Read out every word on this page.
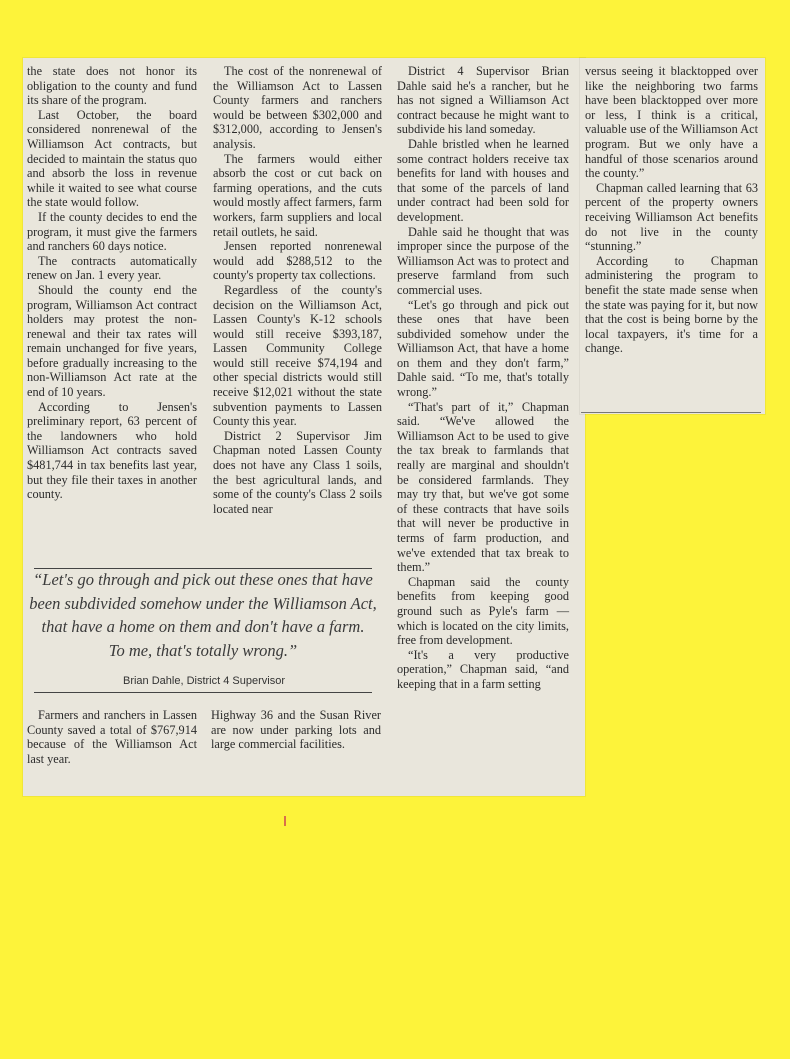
the state does not honor its obligation to the county and fund its share of the program.

Last October, the board considered nonrenewal of the Williamson Act contracts, but decided to maintain the status quo and absorb the loss in revenue while it waited to see what course the state would follow.

If the county decides to end the program, it must give the farmers and ranchers 60 days notice.

The contracts automatically renew on Jan. 1 every year.

Should the county end the program, Williamson Act contract holders may protest the non-renewal and their tax rates will remain unchanged for five years, before gradually increasing to the non-Williamson Act rate at the end of 10 years.

According to Jensen's preliminary report, 63 percent of the landowners who hold Williamson Act contracts saved $481,744 in tax benefits last year, but they file their taxes in another county.

The cost of the nonrenewal of the Williamson Act to Lassen County farmers and ranchers would be between $302,000 and $312,000, according to Jensen's analysis.

The farmers would either absorb the cost or cut back on farming operations, and the cuts would mostly affect farmers, farm workers, farm suppliers and local retail outlets, he said.

Jensen reported nonrenewal would add $288,512 to the county's property tax collections.

Regardless of the county's decision on the Williamson Act, Lassen County's K-12 schools would still receive $393,187, Lassen Community College would still receive $74,194 and other special districts would still receive $12,021 without the state subvention payments to Lassen County this year.

District 2 Supervisor Jim Chapman noted Lassen County does not have any Class 1 soils, the best agricultural lands, and some of the county's Class 2 soils located near

District 4 Supervisor Brian Dahle said he's a rancher, but he has not signed a Williamson Act contract because he might want to subdivide his land someday.

Dahle bristled when he learned some contract holders receive tax benefits for land with houses and that some of the parcels of land under contract had been sold for development.

Dahle said he thought that was improper since the purpose of the Williamson Act was to protect and preserve farmland from such commercial uses.

“Let's go through and pick out these ones that have been subdivided somehow under the Williamson Act, that have a home on them and they don't farm,” Dahle said. “To me, that's totally wrong.”

“That's part of it,” Chapman said. “We've allowed the Williamson Act to be used to give the tax break to farmlands that really are marginal and shouldn't be considered farmlands. They may try that, but we've got some of these contracts that have soils that will never be productive in terms of farm production, and we've extended that tax break to them.”

Chapman said the county benefits from keeping good ground such as Pyle's farm — which is located on the city limits, free from development.

“It's a very productive operation,” Chapman said, “and keeping that in a farm setting

versus seeing it blacktopped over like the neighboring two farms have been blacktopped over more or less, I think is a critical, valuable use of the Williamson Act program. But we only have a handful of those scenarios around the county.”

Chapman called learning that 63 percent of the property owners receiving Williamson Act benefits do not live in the county “stunning.”

According to Chapman administering the program to benefit the state made sense when the state was paying for it, but now that the cost is being borne by the local taxpayers, it's time for a change.

“Let's go through and pick out these ones that have
been subdivided somehow under the Williamson Act,
that have a home on them and don't have a farm.
To me, that's totally wrong.”
Brian Dahle, District 4 Supervisor

Farmers and ranchers in Lassen County saved a total of $767,914 because of the Williamson Act last year.

Highway 36 and the Susan River are now under parking lots and large commercial facilities.
